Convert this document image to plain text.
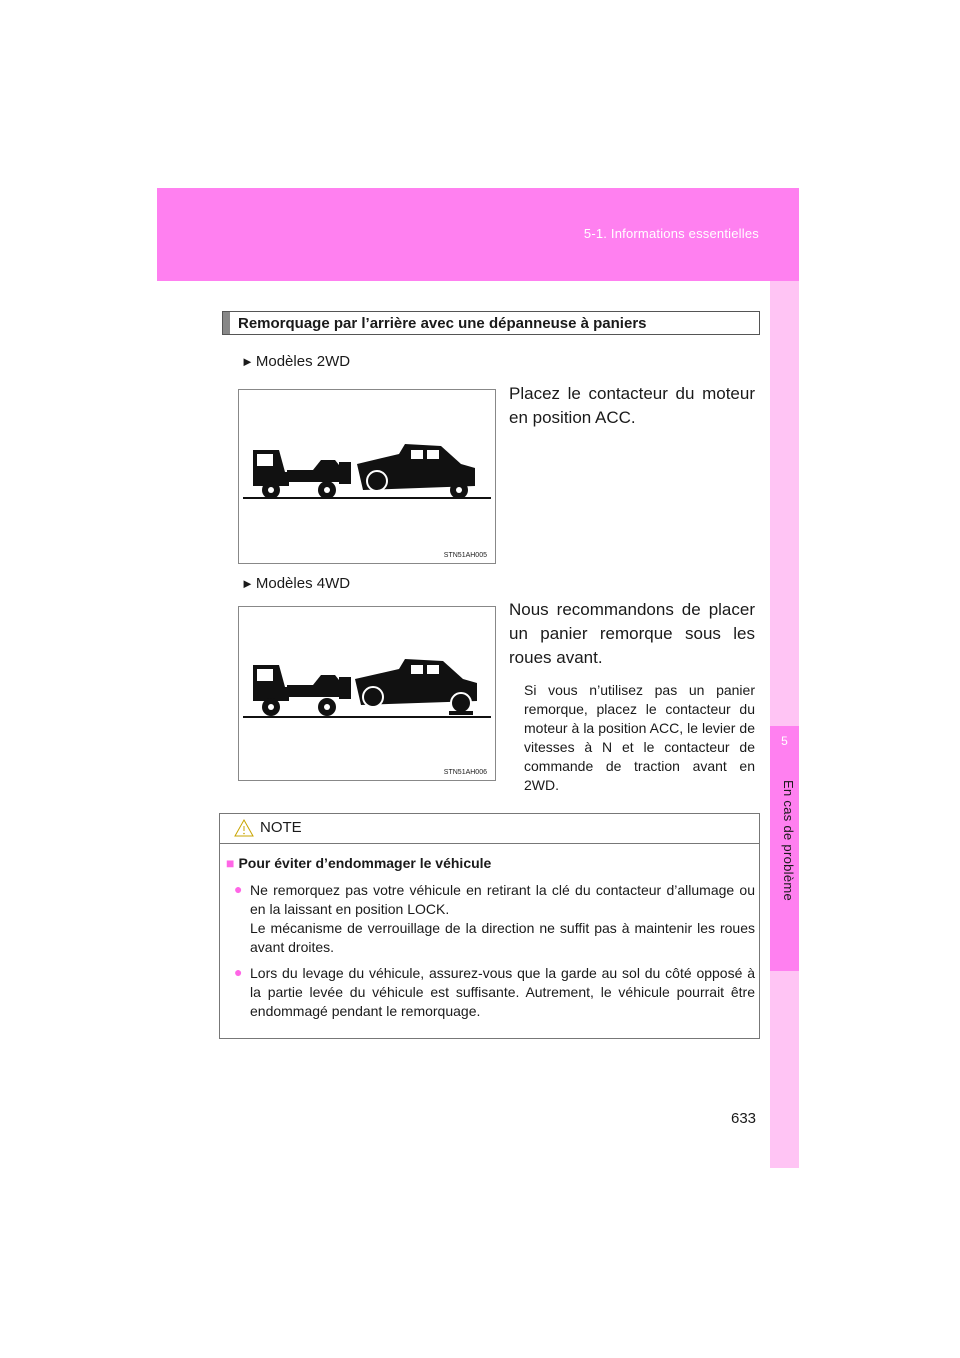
5-1. Informations essentielles
5
En cas de problème
Remorquage par l’arrière avec une dépanneuse à paniers
► Modèles 2WD
STN51AH005
Placez le contacteur du moteur en position ACC.
► Modèles 4WD
STN51AH006
Nous recommandons de placer un panier remorque sous les roues avant.
Si vous n’utilisez pas un panier remorque, placez le contacteur du moteur à la position ACC, le levier de vitesses à N et le contacteur de commande de traction avant en 2WD.
NOTE
■ Pour éviter d’endommager le véhicule
● Ne remorquez pas votre véhicule en retirant la clé du contacteur d’allumage ou en la laissant en position LOCK.
Le mécanisme de verrouillage de la direction ne suffit pas à maintenir les roues avant droites.
● Lors du levage du véhicule, assurez-vous que la garde au sol du côté opposé à la partie levée du véhicule est suffisante. Autrement, le véhicule pourrait être endommagé pendant le remorquage.
633
